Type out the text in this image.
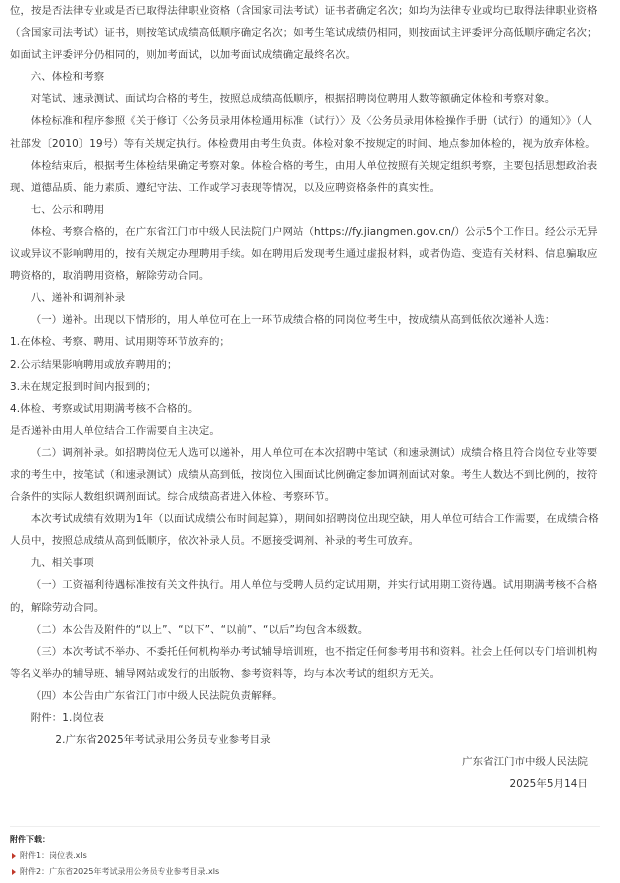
位，按是否法律专业或是否已取得法律职业资格（含国家司法考试）证书者确定名次；如均为法律专业或均已取得法律职业资格（含国家司法考试）证书，则按笔试成绩高低顺序确定名次；如考生笔试成绩仍相同，则按面试主评委评分高低顺序确定名次；如面试主评委评分仍相同的，则加考面试，以加考面试成绩确定最终名次。

六、体检和考察

对笔试、速录测试、面试均合格的考生，按照总成绩高低顺序，根据招聘岗位聘用人数等额确定体检和考察对象。

体检标准和程序参照《关于修订〈公务员录用体检通用标准（试行）〉及〈公务员录用体检操作手册（试行）的通知〉》（人社部发〔2010〕19号）等有关规定执行。体检费用由考生负责。体检对象不按规定的时间、地点参加体检的，视为放弃体检。

体检结束后，根据考生体检结果确定考察对象。体检合格的考生，由用人单位按照有关规定组织考察，主要包括思想政治表现、道德品质、能力素质、遵纪守法、工作或学习表现等情况，以及应聘资格条件的真实性。

七、公示和聘用

体检、考察合格的，在广东省江门市中级人民法院门户网站（https://fy.jiangmen.gov.cn/）公示5个工作日。经公示无异议或异议不影响聘用的，按有关规定办理聘用手续。如在聘用后发现考生通过虚报材料，或者伪造、变造有关材料、信息骗取应聘资格的，取消聘用资格，解除劳动合同。

八、递补和调剂补录

（一）递补。出现以下情形的，用人单位可在上一环节成绩合格的同岗位考生中，按成绩从高到低依次递补人选：

1.在体检、考察、聘用、试用期等环节放弃的；

2.公示结果影响聘用或放弃聘用的；

3.未在规定报到时间内报到的；

4.体检、考察或试用期满考核不合格的。

是否递补由用人单位结合工作需要自主决定。

（二）调剂补录。如招聘岗位无人选可以递补，用人单位可在本次招聘中笔试（和速录测试）成绩合格且符合岗位专业等要求的考生中，按笔试（和速录测试）成绩从高到低，按岗位入围面试比例确定参加调剂面试对象。考生人数达不到比例的，按符合条件的实际人数组织调剂面试。综合成绩高者进入体检、考察环节。

本次考试成绩有效期为1年（以面试成绩公布时间起算），期间如招聘岗位出现空缺，用人单位可结合工作需要，在成绩合格人员中，按照总成绩从高到低顺序，依次补录人员。不愿接受调剂、补录的考生可放弃。

九、相关事项

（一）工资福利待遇标准按有关文件执行。用人单位与受聘人员约定试用期，并实行试用期工资待遇。试用期满考核不合格的，解除劳动合同。

（二）本公告及附件的“以上”、“以下”、“以前”、“以后”均包含本级数。

（三）本次考试不举办、不委托任何机构举办考试辅导培训班，也不指定任何参考用书和资料。社会上任何以专门培训机构等名义举办的辅导班、辅导网站或发行的出版物、参考资料等，均与本次考试的组织方无关。

（四）本公告由广东省江门市中级人民法院负责解释。

附件：1.岗位表

　　　　 2.广东省2025年考试录用公务员专业参考目录

广东省江门市中级人民法院

2025年5月14日

附件下载：
附件1：岗位表.xls
附件2：广东省2025年考试录用公务员专业参考目录.xls
